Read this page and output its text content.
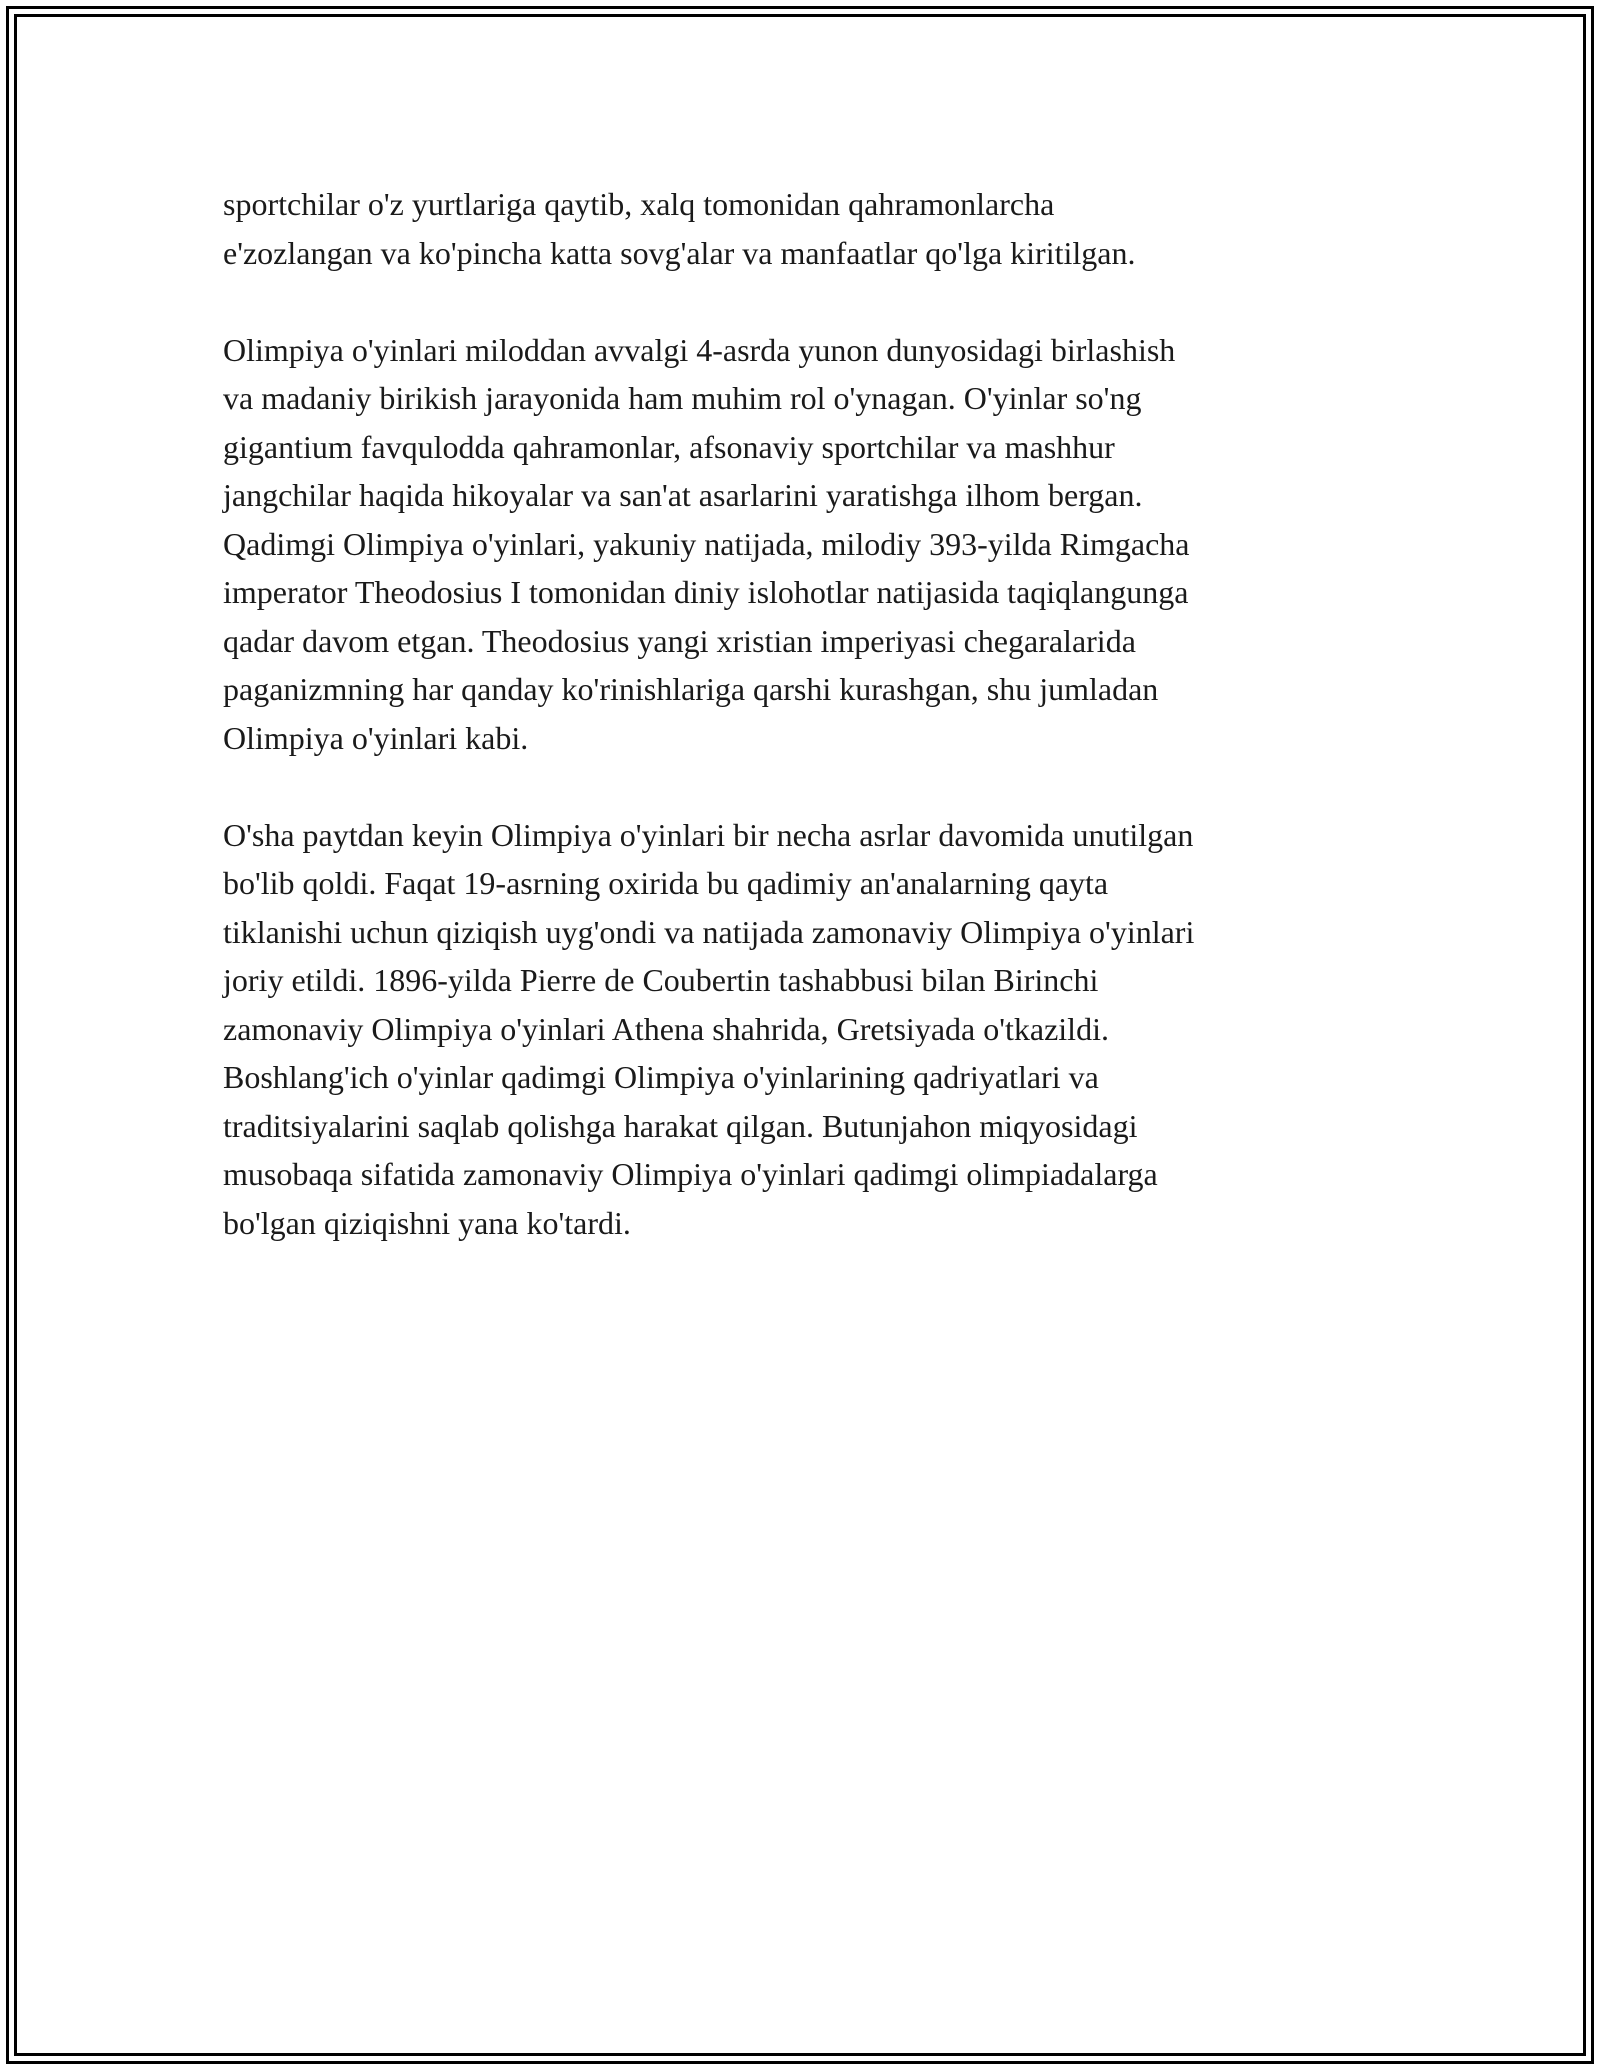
sportchilar o'z yurtlariga qaytib, xalq tomonidan qahramonlarcha
e'zozlangan va ko'pincha katta sovg'alar va manfaatlar qo'lga kiritilgan.

Olimpiya o'yinlari miloddan avvalgi 4-asrda yunon dunyosidagi birlashish
va madaniy birikish jarayonida ham muhim rol o'ynagan. O'yinlar so'ng
gigantium favqulodda qahramonlar, afsonaviy sportchilar va mashhur
jangchilar haqida hikoyalar va san'at asarlarini yaratishga ilhom bergan.
Qadimgi Olimpiya o'yinlari, yakuniy natijada, milodiy 393-yilda Rimgacha
imperator Theodosius I tomonidan diniy islohotlar natijasida taqiqlangunga
qadar davom etgan. Theodosius yangi xristian imperiyasi chegaralarida
paganizmning har qanday ko'rinishlariga qarshi kurashgan, shu jumladan
Olimpiya o'yinlari kabi.

O'sha paytdan keyin Olimpiya o'yinlari bir necha asrlar davomida unutilgan
bo'lib qoldi. Faqat 19-asrning oxirida bu qadimiy an'analarning qayta
tiklanishi uchun qiziqish uyg'ondi va natijada zamonaviy Olimpiya o'yinlari
joriy etildi. 1896-yilda Pierre de Coubertin tashabbusi bilan Birinchi
zamonaviy Olimpiya o'yinlari Athena shahrida, Gretsiyada o'tkazildi.
Boshlang'ich o'yinlar qadimgi Olimpiya o'yinlarining qadriyatlari va
traditsiyalarini saqlab qolishga harakat qilgan. Butunjahon miqyosidagi
musobaqa sifatida zamonaviy Olimpiya o'yinlari qadimgi olimpiadalarga
bo'lgan qiziqishni yana ko'tardi.
